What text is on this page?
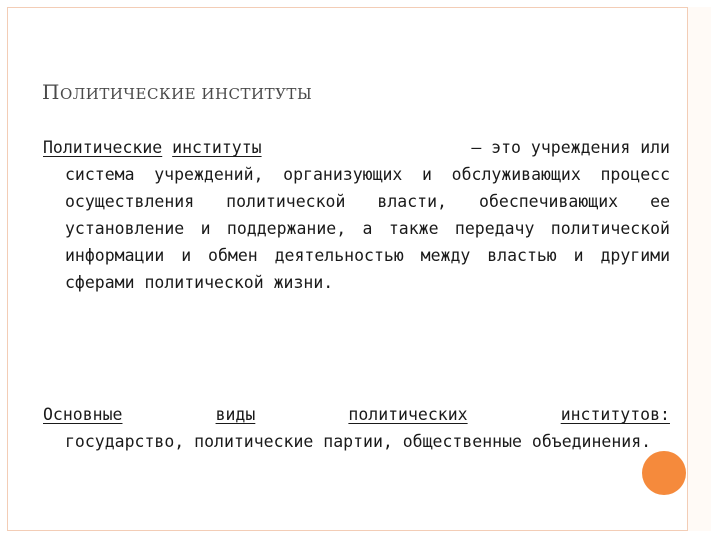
ПОЛИТИЧЕСКИЕ ИНСТИТУТЫ
Политические институты	— это учреждения или
система учреждений, организующих и обслуживающих процесс осуществления политической власти, обеспечивающих ее установление и поддержание, а также передачу политической информации и обмен деятельностью между властью и другими сферами политической жизни.
Основные	виды	политических	институтов:
государство, политические партии, общественные объединения.
